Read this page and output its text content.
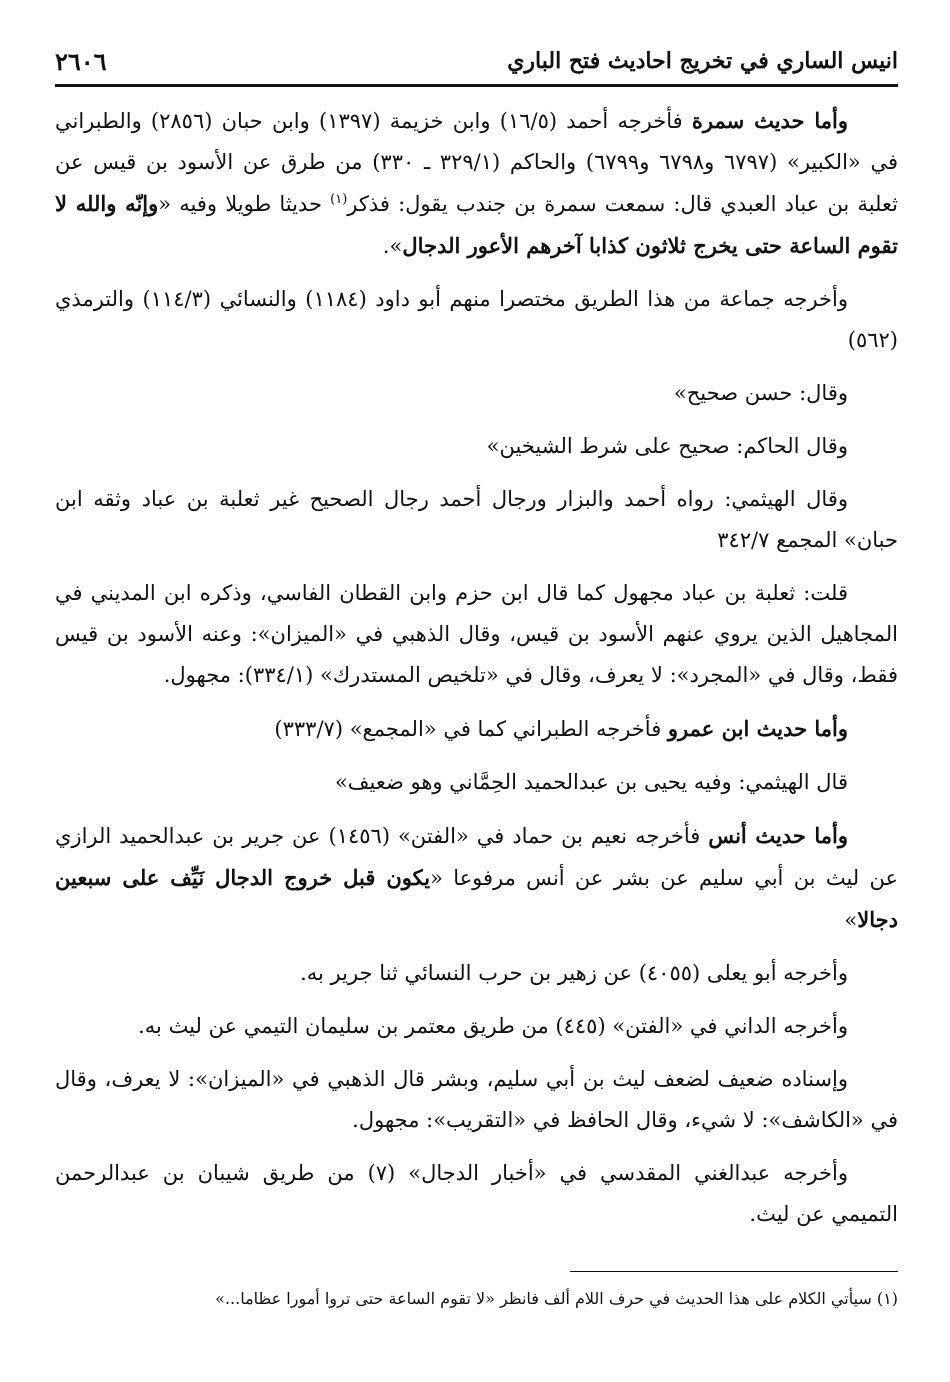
انيس الساري في تخريج احاديث فتح الباري
٢٦٠٦

وأما حديث سمرة فأخرجه أحمد (١٦/٥) وابن خزيمة (١٣٩٧) وابن حبان (٢٨٥٦) والطبراني في «الكبير» (٦٧٩٧ و٦٧٩٨ و٦٧٩٩) والحاكم (٣٢٩/١ ـ ٣٣٠) من طرق عن الأسود بن قيس عن ثعلبة بن عباد العبدي قال: سمعت سمرة بن جندب يقول: فذكر$^{(١)}$ حديثا طويلا وفيه «وإنّه والله لا تقوم الساعة حتى يخرج ثلاثون كذابا آخرهم الأعور الدجال».

وأخرجه جماعة من هذا الطريق مختصرا منهم أبو داود (١١٨٤) والنسائي (١١٤/٣) والترمذي (٥٦٢)

وقال: حسن صحيح»

وقال الحاكم: صحيح على شرط الشيخين»

وقال الهيثمي: رواه أحمد والبزار ورجال أحمد رجال الصحيح غير ثعلبة بن عباد وثقه ابن حبان» المجمع ٣٤٢/٧

قلت: ثعلبة بن عباد مجهول كما قال ابن حزم وابن القطان الفاسي، وذكره ابن المديني في المجاهيل الذين يروي عنهم الأسود بن قيس، وقال الذهبي في «الميزان»: وعنه الأسود بن قيس فقط، وقال في «المجرد»: لا يعرف، وقال في «تلخيص المستدرك» (٣٣٤/١): مجهول.

وأما حديث ابن عمرو فأخرجه الطبراني كما في «المجمع» (٣٣٣/٧)

قال الهيثمي: وفيه يحيى بن عبدالحميد الحِمَّاني وهو ضعيف»

وأما حديث أنس فأخرجه نعيم بن حماد في «الفتن» (١٤٥٦) عن جرير بن عبدالحميد الرازي عن ليث بن أبي سليم عن بشر عن أنس مرفوعا «يكون قبل خروج الدجال نَيِّف على سبعين دجالا»

وأخرجه أبو يعلى (٤٠٥٥) عن زهير بن حرب النسائي ثنا جرير به.

وأخرجه الداني في «الفتن» (٤٤٥) من طريق معتمر بن سليمان التيمي عن ليث به.

وإسناده ضعيف لضعف ليث بن أبي سليم، وبشر قال الذهبي في «الميزان»: لا يعرف، وقال في «الكاشف»: لا شيء، وقال الحافظ في «التقريب»: مجهول.

وأخرجه عبدالغني المقدسي في «أخبار الدجال» (٧) من طريق شيبان بن عبدالرحمن التميمي عن ليث.

(١) سيأتي الكلام على هذا الحديث في حرف اللام ألف فانظر «لا تقوم الساعة حتى تروا أمورا عظاما...»
